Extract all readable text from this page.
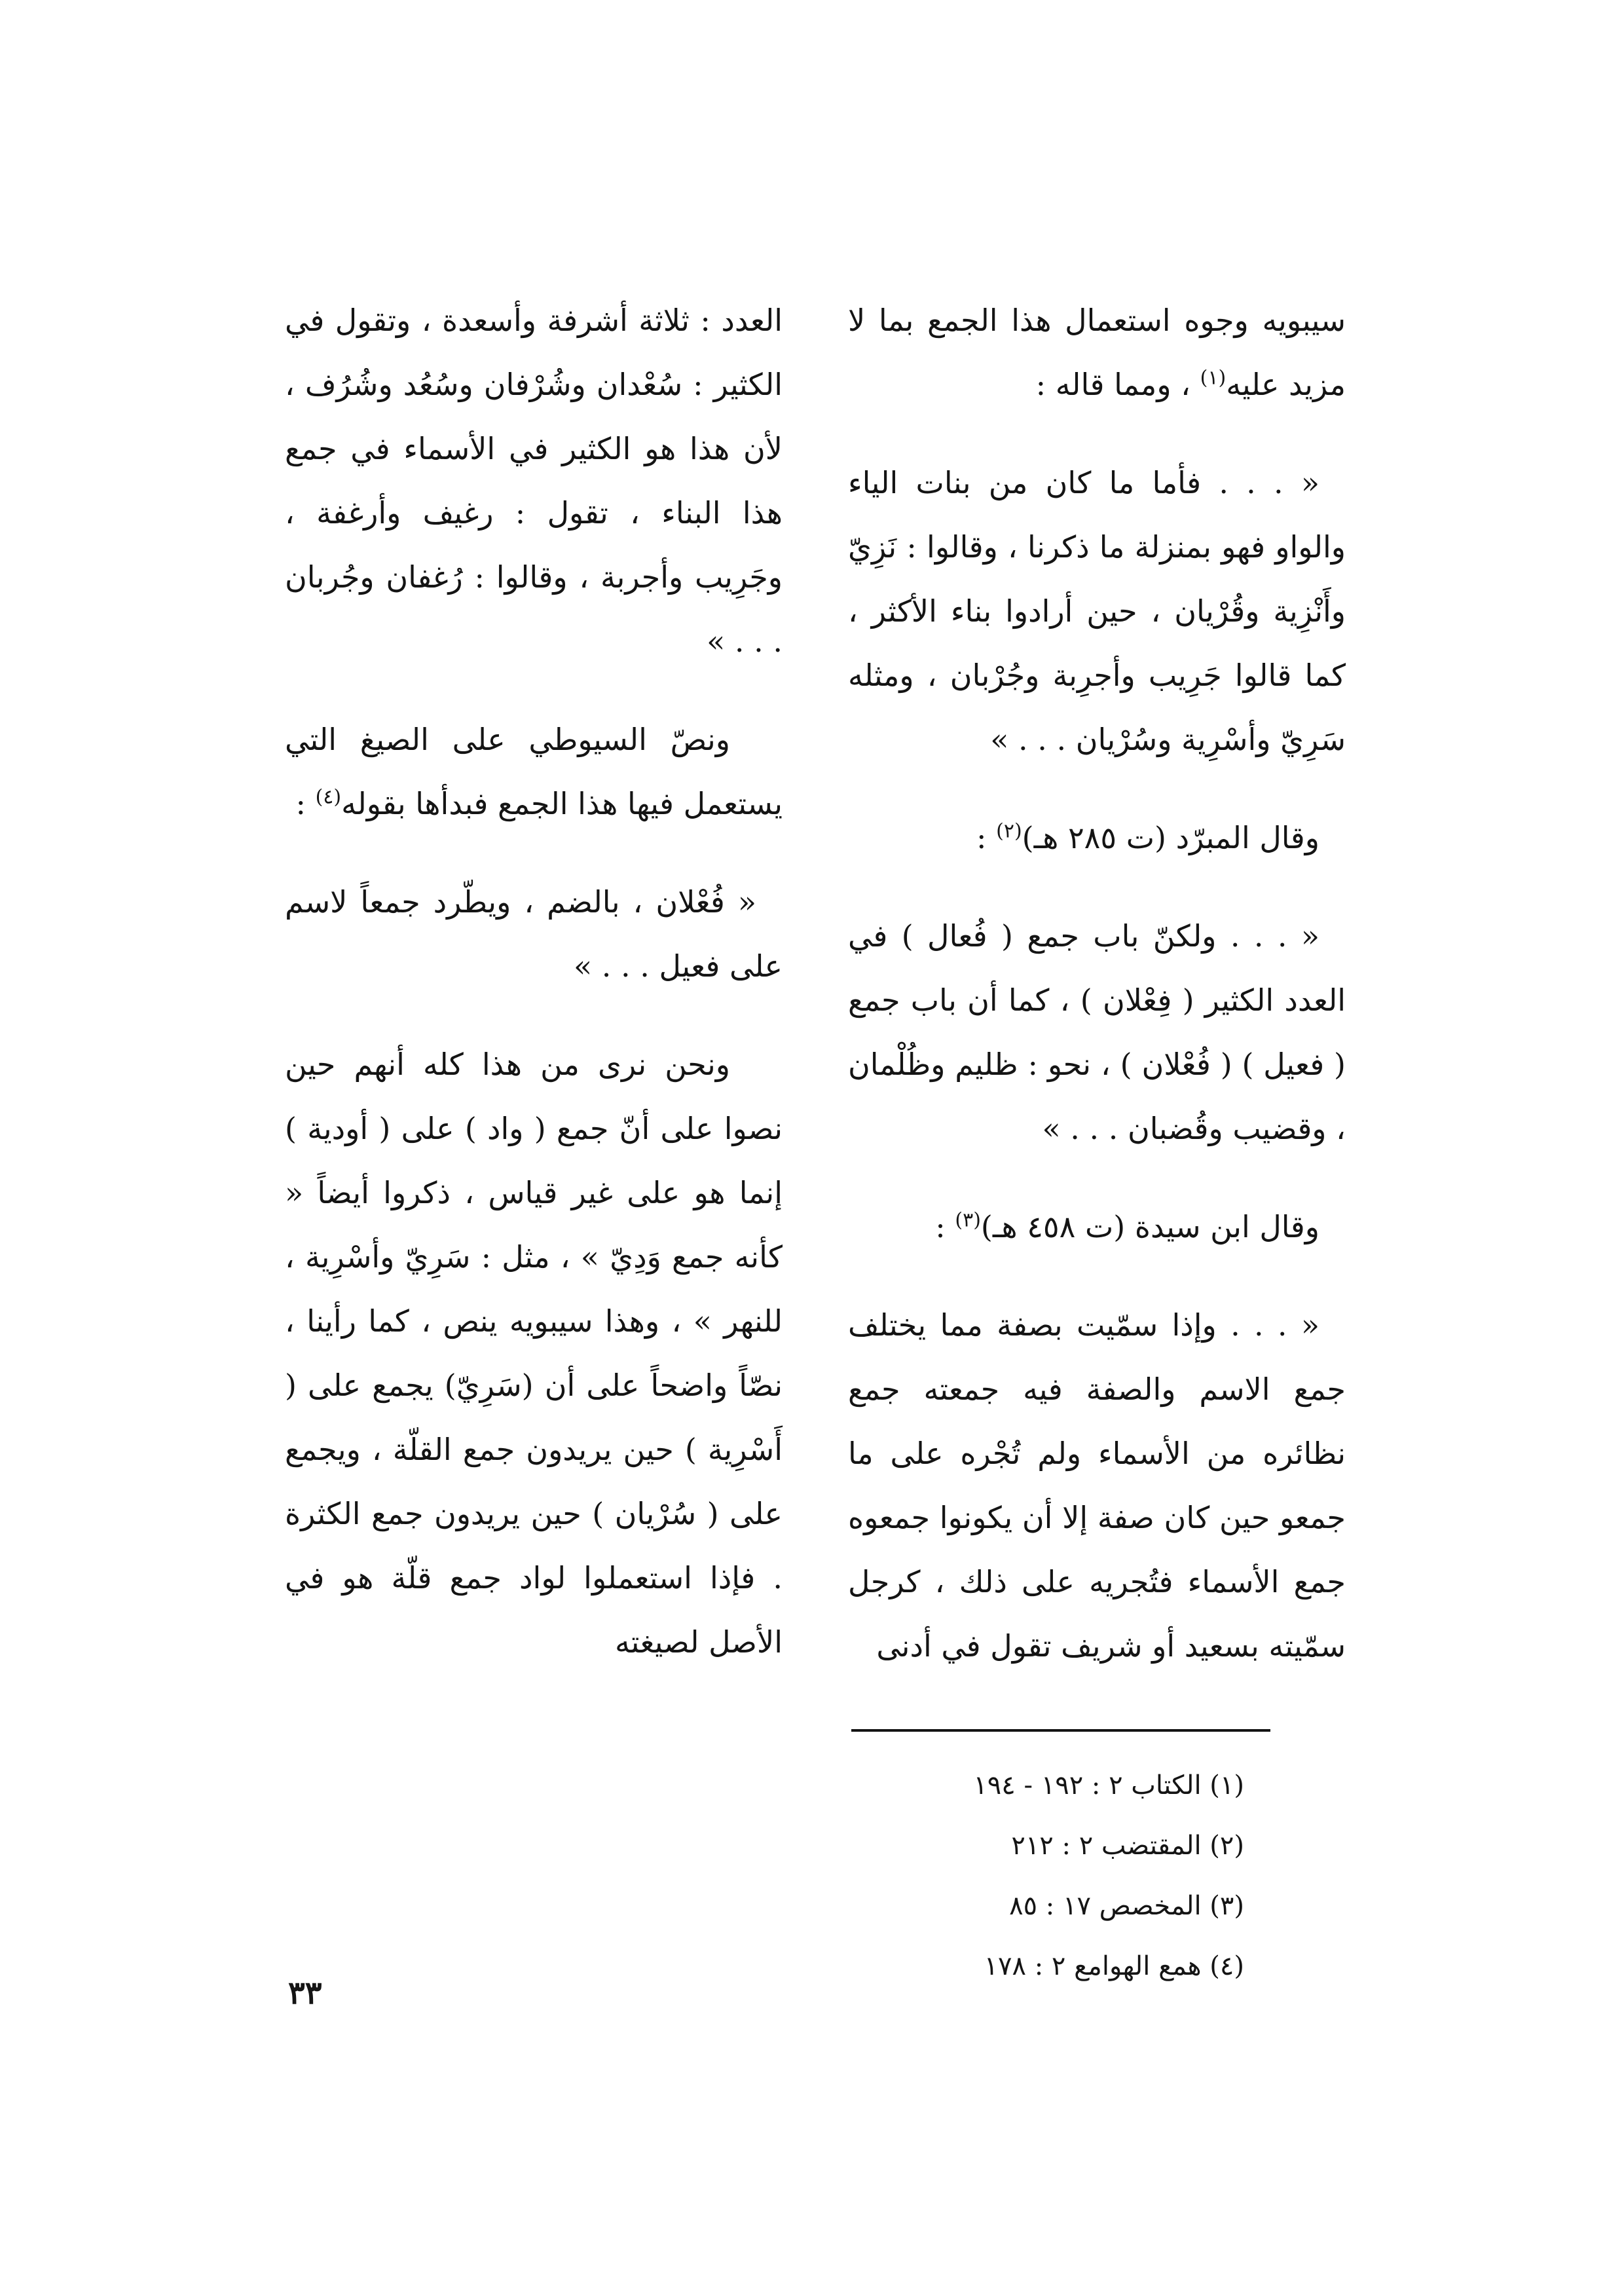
سيبويه وجوه استعمال هذا الجمع بما لا مزيد عليه$^{(١)}$ ، ومما قاله :

« . . . فأما ما كان من بنات الياء والواو فهو بمنزلة ما ذكرنا ، وقالوا : نَزِيّ وأَنْزِية وقُرْيان ، حين أرادوا بناء الأكثر ، كما قالوا جَرِيب وأجرِبة وجُرْبان ، ومثله سَرِيّ وأسْرِية وسُرْيان . . . »

وقال المبرّد (ت ٢٨٥ هـ)$^{(٢)}$ :

« . . . ولكنّ باب جمع ( فُعال ) في العدد الكثير ( فِعْلان ) ، كما أن باب جمع ( فعيل ) ( فُعْلان ) ، نحو : ظليم وظُلْمان ، وقضيب وقُضبان . . . »

وقال ابن سيدة (ت ٤٥٨ هـ)$^{(٣)}$ :

« . . . وإذا سمّيت بصفة مما يختلف جمع الاسم والصفة فيه جمعته جمع نظائره من الأسماء ولم تُجْره على ما جمعو حين كان صفة إلا أن يكونوا جمعوه جمع الأسماء فتُجريه على ذلك ، كرجل سمّيته بسعيد أو شريف تقول في أدنى

العدد : ثلاثة أشرفة وأسعدة ، وتقول في الكثير : سُعْدان وشُرْفان وسُعُد وشُرُف ، لأن هذا هو الكثير في الأسماء في جمع هذا البناء ، تقول : رغيف وأرغفة ، وجَرِيب وأجربة ، وقالوا : رُغفان وجُربان . . . »

ونصّ السيوطي على الصيغ التي يستعمل فيها هذا الجمع فبدأها بقوله$^{(٤)}$ :

« فُعْلان ، بالضم ، ويطّرد جمعاً لاسم على فعيل . . . »

ونحن نرى من هذا كله أنهم حين نصوا على أنّ جمع ( واد ) على ( أودية ) إنما هو على غير قياس ، ذكروا أيضاً « كأنه جمع وَدِيّ » ، مثل : سَرِيّ وأسْرِية ، للنهر » ، وهذا سيبويه ينص ، كما رأينا ، نصّاً واضحاً على أن (سَرِيّ) يجمع على ( أَسْرِية ) حين يريدون جمع القلّة ، ويجمع على ( سُرْيان ) حين يريدون جمع الكثرة . فإذا استعملوا لواد جمع قلّة هو في الأصل لصيغته

(١) الكتاب ٢ : ١٩٢ - ١٩٤

(٢) المقتضب ٢ : ٢١٢

(٣) المخصص ١٧ : ٨٥

(٤) همع الهوامع ٢ : ١٧٨

٣٣
